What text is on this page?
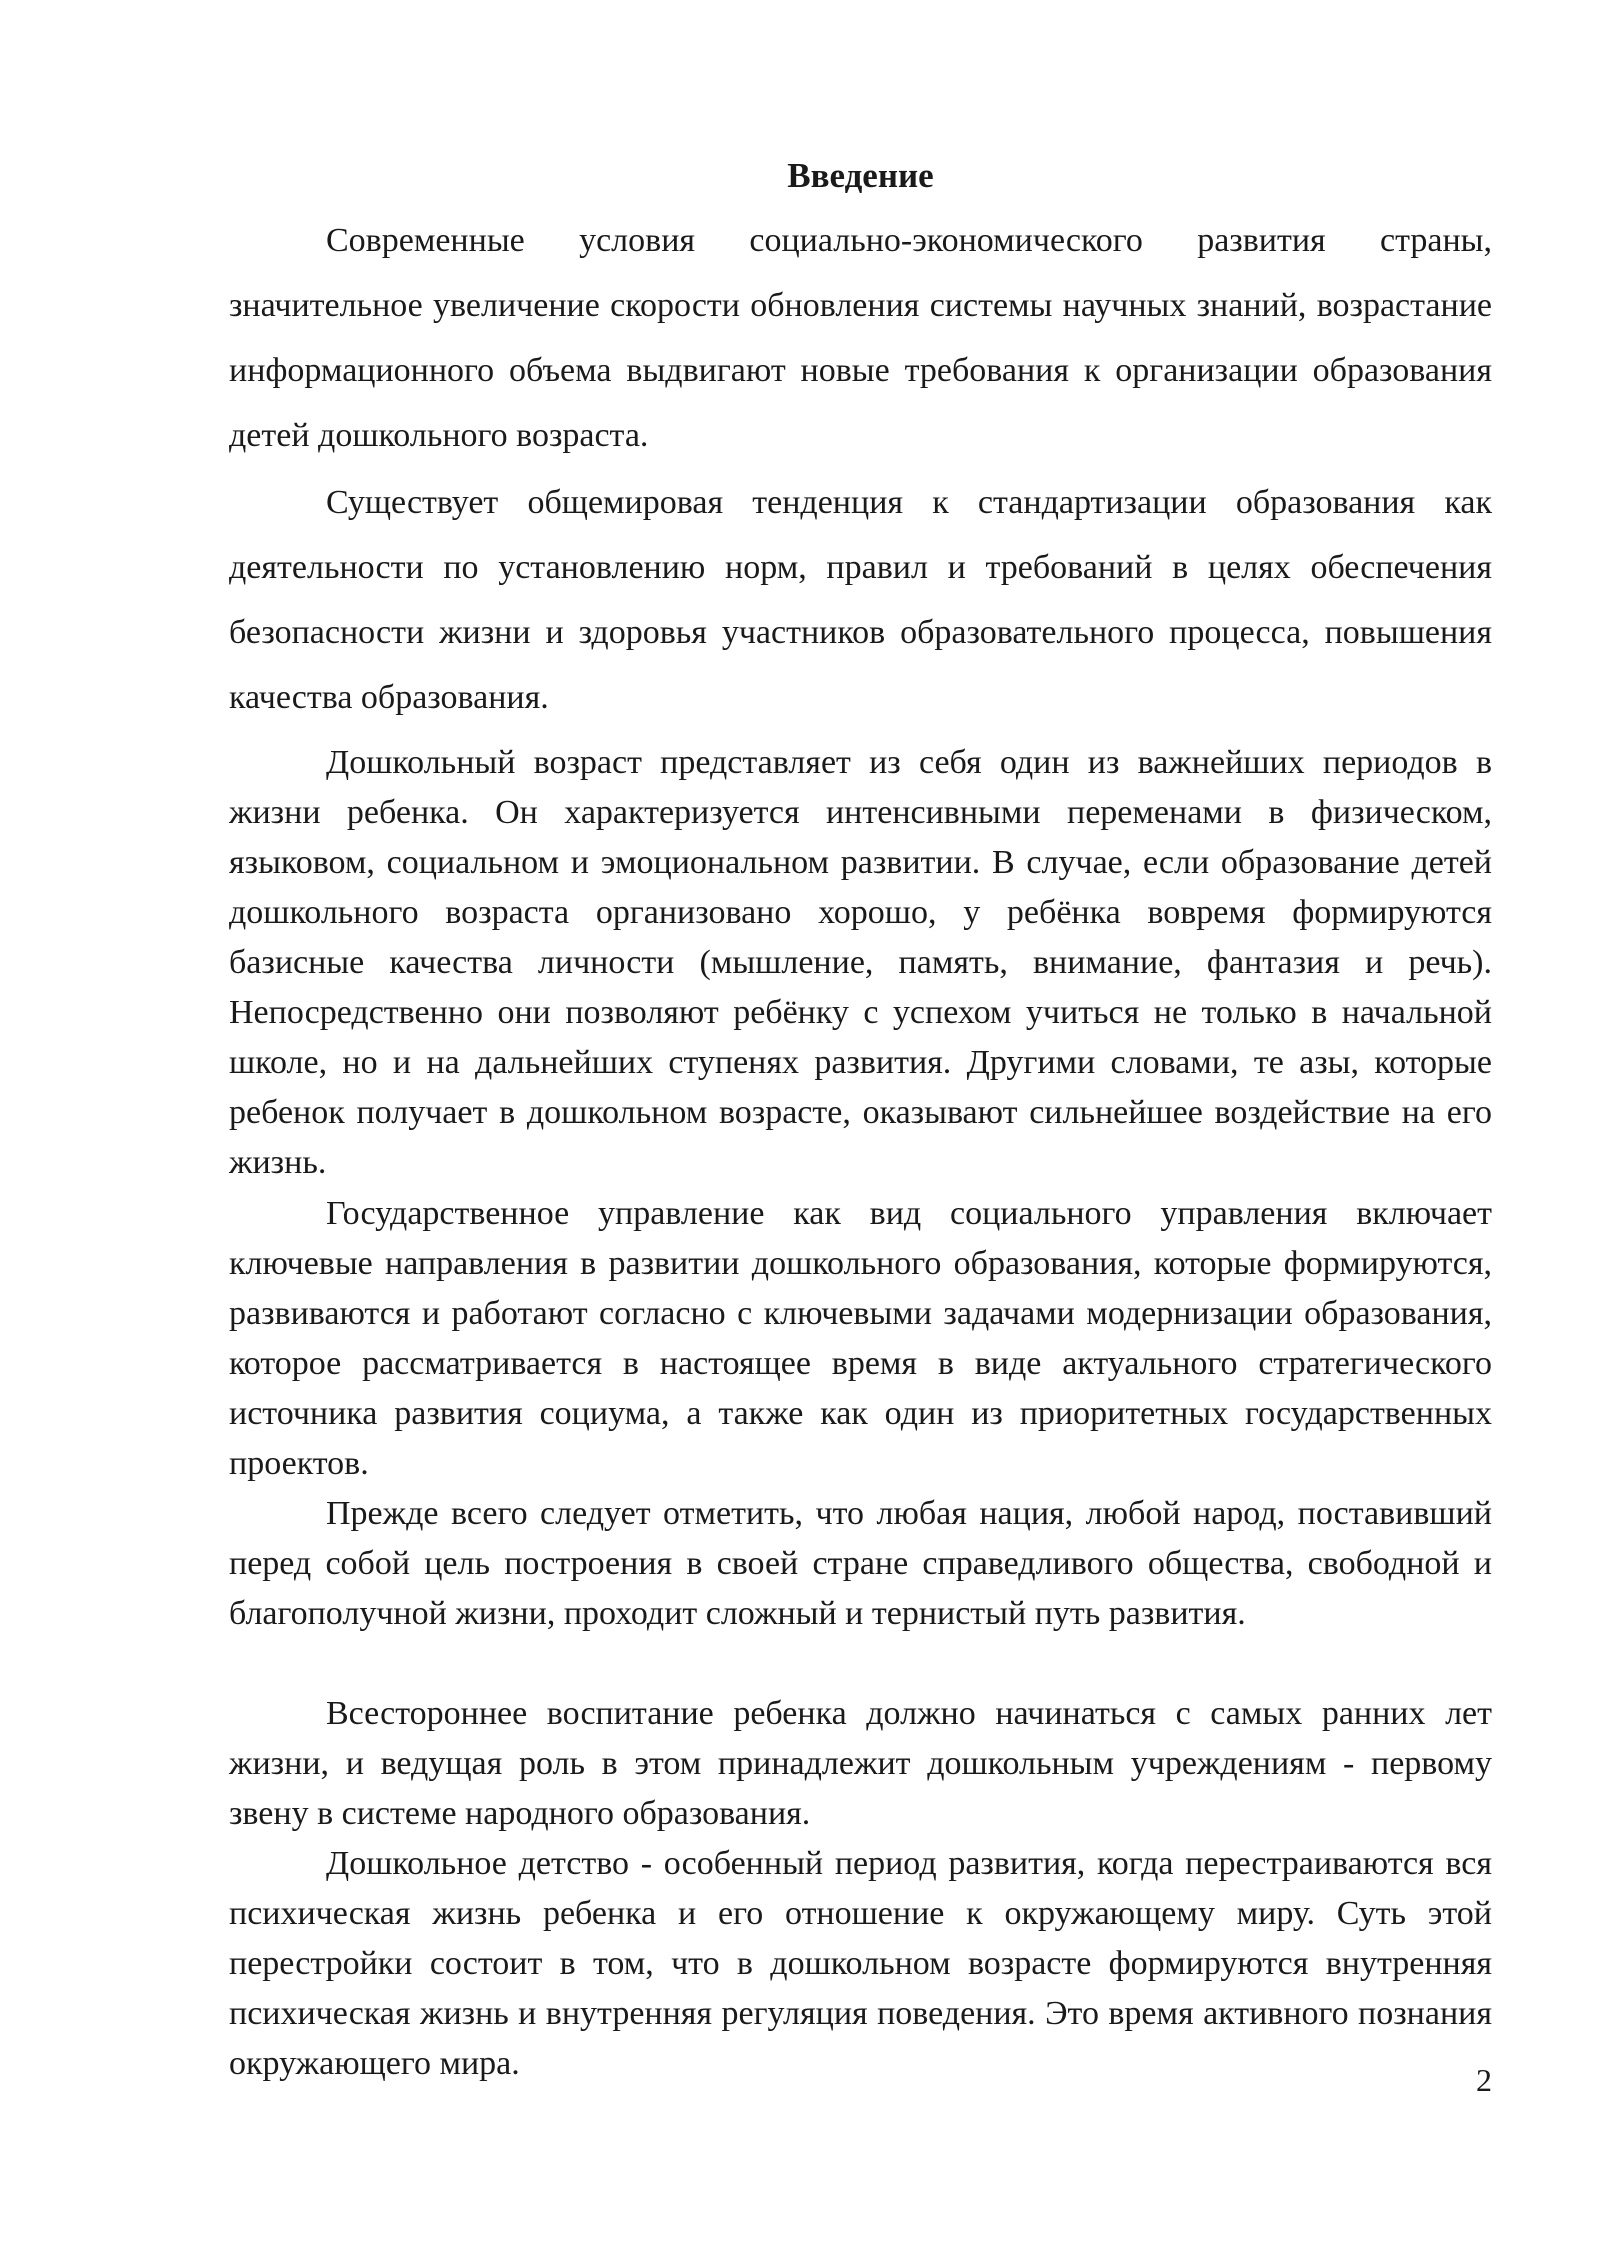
Введение

Современные условия социально-экономического развития страны, значительное увеличение скорости обновления системы научных знаний, возрастание информационного объема выдвигают новые требования к организации образования детей дошкольного возраста.

Существует общемировая тенденция к стандартизации образования как деятельности по установлению норм, правил и требований в целях обеспечения безопасности жизни и здоровья участников образовательного процесса, повышения качества образования.

Дошкольный возраст представляет из себя один из важнейших периодов в жизни ребенка. Он характеризуется интенсивными переменами в физическом, языковом, социальном и эмоциональном развитии. В случае, если образование детей дошкольного возраста организовано хорошо, у ребёнка вовремя формируются базисные качества личности (мышление, память, внимание, фантазия и речь). Непосредственно они позволяют ребёнку с успехом учиться не только в начальной школе, но и на дальнейших ступенях развития. Другими словами, те азы, которые ребенок получает в дошкольном возрасте, оказывают сильнейшее воздействие на его жизнь.

Государственное управление как вид социального управления включает ключевые направления в развитии дошкольного образования, которые формируются, развиваются и работают согласно с ключевыми задачами модернизации образования, которое рассматривается в настоящее время в виде актуального стратегического источника развития социума, а также как один из приоритетных государственных проектов.

Прежде всего следует отметить, что любая нация, любой народ, поставивший перед собой цель построения в своей стране справедливого общества, свободной и благополучной жизни, проходит сложный и тернистый путь развития.

Всестороннее воспитание ребенка должно начинаться с самых ранних лет жизни, и ведущая роль в этом принадлежит дошкольным учреждениям - первому звену в системе народного образования.

Дошкольное детство - особенный период развития, когда перестраиваются вся психическая жизнь ребенка и его отношение к окружающему миру. Суть этой перестройки состоит в том, что в дошкольном возрасте формируются внутренняя психическая жизнь и внутренняя регуляция поведения. Это время активного познания окружающего мира.	2
